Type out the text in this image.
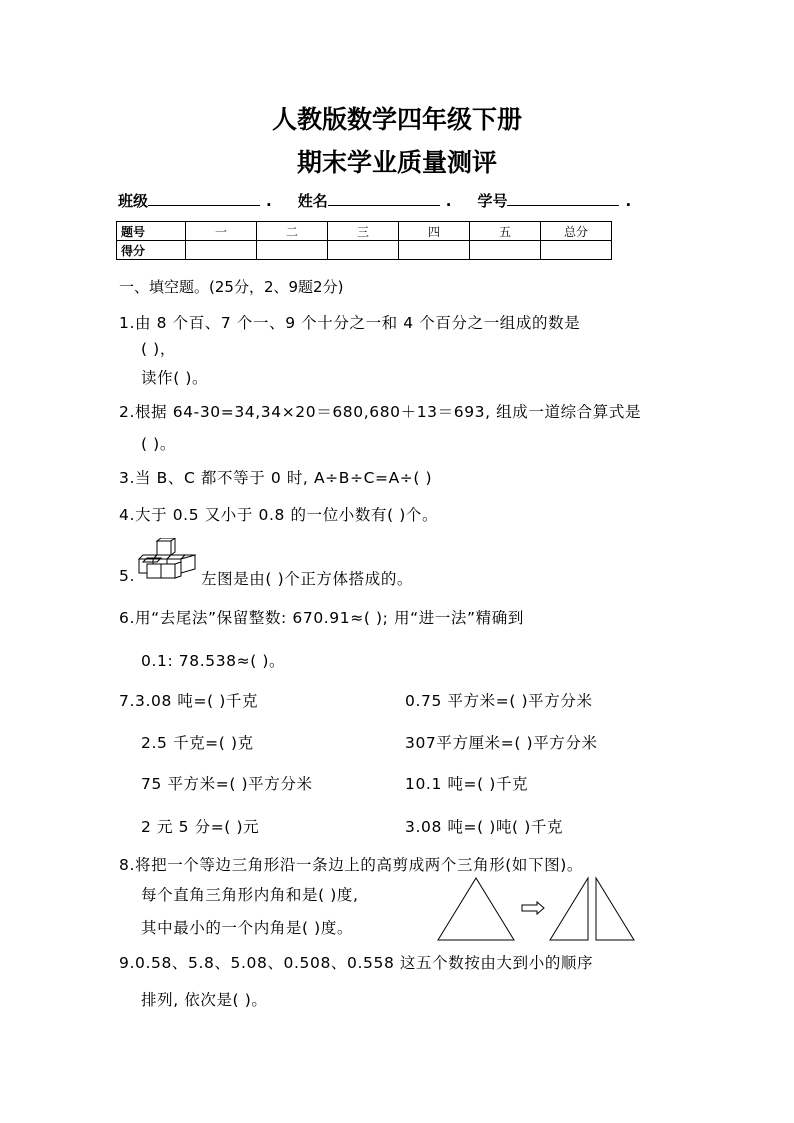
人教版数学四年级下册
期末学业质量测评
班级	. 姓名	. 学号	.
题号	一	二	三	四	五	总分
得分						
一、填空题。(25分，2、9题2分)
1.由 8 个百、7 个一、9 个十分之一和 4 个百分之一组成的数是
( )，
读作( )。
2.根据 64-30=34,34×20＝680,680＋13＝693, 组成一道综合算式是
( )。
3.当 B、C 都不等于 0 时, A÷B÷C=A÷( )
4.大于 0.5 又小于 0.8 的一位小数有( )个。
5.	左图是由( )个正方体搭成的。
6.用“去尾法”保留整数: 670.91≈( ); 用“进一法”精确到
0.1: 78.538≈( )。
7.3.08 吨=( )千克	0.75 平方米=( )平方分米
2.5 千克=( )克	307平方厘米=( )平方分米
75 平方米=( )平方分米	10.1 吨=( )千克
2 元 5 分=( )元	3.08 吨=( )吨( )千克
8.将把一个等边三角形沿一条边上的高剪成两个三角形(如下图)。
每个直角三角形内角和是( )度,
其中最小的一个内角是( )度。
9.0.58、5.8、5.08、0.508、0.558 这五个数按由大到小的顺序
排列, 依次是( )。
